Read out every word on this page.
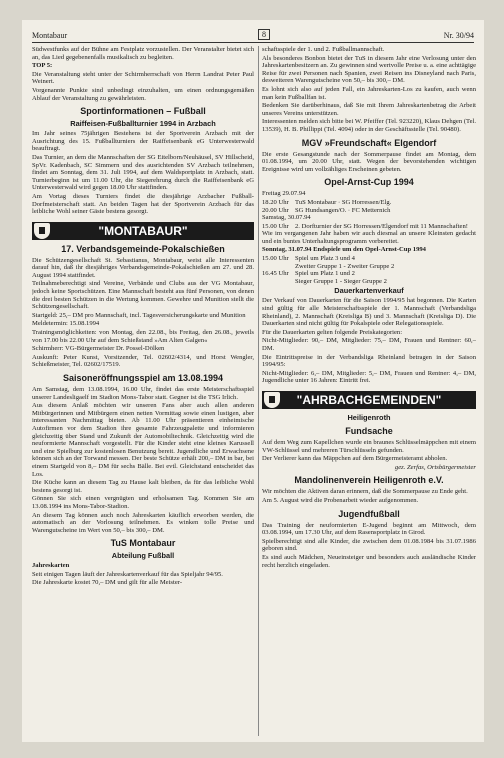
Montabaur	8	Nr. 30/94

Südwestfunks auf der Bühne am Festplatz vorzustellen. Der Veranstalter bietet sich an, das Lied gegebenenfalls musikalisch zu begleiten.

TOP 5:

Die Veranstaltung steht unter der Schirmherrschaft von Herrn Landrat Peter Paul Weinert.

Vorgenannte Punkte sind unbedingt einzuhalten, um einen ordnungsgemäßen Ablauf der Veranstaltung zu gewährleisten.

Sportinformationen – Fußball
Raiffeisen-Fußballturnier 1994 in Arzbach

Im Jahr seines 75jährigen Bestehens ist der Sportverein Arzbach mit der Ausrichtung des 15. Fußballturniers der Raiffeisenbank eG Unterwesterwald beauftragt.

Das Turnier, an dem die Mannschaften der SG Eitelborn/Neuhäusel, SV Hillscheid, SpVr. Kadenbach, SC Simmern und des ausrichtenden SV Arzbach teilnehmen, findet am Sonntag, dem 31. Juli 1994, auf dem Waldsportplatz in Arzbach, statt. Turnierbeginn ist um 11.00 Uhr, die Siegerehrung durch die Raiffeisenbank eG Unterwesterwald wird gegen 18.00 Uhr stattfinden.

Am Vortag dieses Turniers findet die diesjährige Arzbacher Fußball-Dorfmeisterschaft statt. An beiden Tagen hat der Sportverein Arzbach für das leibliche Wohl seiner Gäste bestens gesorgt.

"MONTABAUR"
17. Verbandsgemeinde-Pokalschießen

Die Schützengesellschaft St. Sebastianus, Montabaur, weist alle Interessenten darauf hin, daß ihr diesjähriges Verbandsgemeinde-Pokalschießen am 27. und 28. August 1994 stattfindet.

Teilnahmeberechtigt sind Vereine, Verbände und Clubs aus der VG Montabaur, jedoch keine Sportschützen. Eine Mannschaft besteht aus fünf Personen, von denen die drei besten Schützen in die Wertung kommen. Gewehre und Munition stellt die Schützengesellschaft.

Startgeld: 25,– DM pro Mannschaft, incl. Tagesversicherungskarte und Munition

Meldetermin: 15.08.1994

Trainingsmöglichkeiten: von Montag, den 22.08., bis Freitag, den 26.08., jeweils von 17.00 bis 22.00 Uhr auf dem Schießstand »Am Alten Galgen«

Schirmherr: VG-Bürgermeister Dr. Possel-Dölken

Auskunft: Peter Kunst, Vorsitzender, Tel. 02602/4314, und Horst Wengler, Schießmeister, Tel. 02602/17519.

Saisoneröffnungsspiel am 13.08.1994

Am Samstag, dem 13.08.1994, 16.00 Uhr, findet das erste Meisterschaftsspiel unserer Landesligaelf im Stadion Mons-Tabor statt. Gegner ist die TSG Irlich.

Aus diesem Anlaß möchten wir unseren Fans aber auch allen anderen Mitbürgerinnen und Mitbürgern einen netten Vormittag sowie einen lustigen, aber interessanten Nachmittag bieten. Ab 11.00 Uhr präsentieren einheimische Autofirmen vor dem Stadion ihre gesamte Fahrzeugpalette und informieren gleichzeitig über Stand und Zukunft der Automobiltechnik. Gleichzeitig wird die neuformierte Mannschaft vorgestellt. Für die Kinder steht eine kleines Karussell und eine Spielburg zur kostenlosen Benutzung bereit. Jugendliche und Erwachsene können sich an der Torwand messen. Der beste Schütze erhält 200,– DM in bar, bei einem Startgeld von 8,– DM für sechs Bälle. Bei evtl. Gleichstand entscheidet das Los.

Die Küche kann an diesem Tag zu Hause kalt bleiben, da für das leibliche Wohl bestens gesorgt ist.

Gönnen Sie sich einen vergnügten und erholsamen Tag. Kommen Sie am 13.08.1994 ins Mons-Tabor-Stadion.

An diesem Tag können auch noch Jahreskarten käuflich erworben werden, die automatisch an der Vorlosung teilnehmen. Es winken tolle Preise und Warengutscheine im Wert von 50,– bis 300,– DM.

TuS Montabaur
Abteilung Fußball

Jahreskarten

Seit einigen Tagen läuft der Jahreskartenverkauf für das Spieljahr 94/95.

Die Jahreskarte kostet 70,– DM und gilt für alle Meister-

schaftsspiele der 1. und 2. Fußballmannschaft.

Als besonderes Bonbon bietet der TuS in diesem Jahr eine Verlosung unter den Jahreskartenbesitzern an. Zu gewinnen sind wertvolle Preise u. a. eine achttägige Reise für zwei Personen nach Spanien, zwei Reisen ins Disneyland nach Paris, desweiteren Warengutscheine von 50,– bis 300,– DM.

Es lohnt sich also auf jeden Fall, ein Jahreskarten-Los zu kaufen, auch wenn man kein Fußballfan ist.

Bedenken Sie darüberhinaus, daß Sie mit Ihrem Jahreskartenbetrag die Arbeit unseres Vereins unterstützen.

Interessenten melden sich bitte bei W. Pfeiffer (Tel. 923220), Klaus Dehgen (Tel. 13539), H. B. Phillippi (Tel. 4094) oder in der Geschäftsstelle (Tel. 90480).

MGV »Freundschaft« Elgendorf

Die erste Gesangstunde nach der Sommerpause findet am Montag, dem 01.08.1994, um 20.00 Uhr, statt. Wegen der bevorstehenden wichtigen Ereignisse wird um vollzähliges Erscheinen gebeten.

Opel-Arnst-Cup 1994

Freitag 29.07.94

18.20 Uhr TuS Montabaur · SG Horressen/Elg.
20.00 Uhr SG Hundsangen/O. · FC Metternich

Samstag, 30.07.94

15.00 Uhr 2. Dorfturnier der SG Horressen/Elgendorf mit 11 Mannschaften!

Wie im vergangenen Jahr haben wir auch diesmal an unsere Kleinsten gedacht und ein buntes Unterhaltungsprogramm vorbereitet.

Sonntag, 31.07.94 Endspiele um den Opel-Arnst-Cup 1994

15.00 Uhr Spiel um Platz 3 und 4
Zweiter Gruppe 1 - Zweiter Gruppe 2
16.45 Uhr Spiel um Platz 1 und 2
Sieger Gruppe 1 - Sieger Gruppe 2
Dauerkartenverkauf

Der Verkauf von Dauerkarten für die Saison 1994/95 hat begonnen. Die Karten sind gültig für alle Meisterschaftsspiele der 1. Mannschaft (Verbandsliga Rheinland), 2. Mannschaft (Kreisliga B) und 3. Mannschaft (Kreisliga D). Die Dauerkarten sind nicht gültig für Pokalspiele oder Relegationsspiele.

Für die Dauerkarten gelten folgende Preiskategorien:

Nicht-Mitglieder: 90,– DM, Mitglieder: 75,– DM, Frauen und Rentner: 60,– DM.

Die Eintrittspreise in der Verbandsliga Rheinland betragen in der Saison 1994/95:

Nicht-Mitglieder: 6,– DM, Mitglieder: 5,– DM, Frauen und Rentner: 4,– DM, Jugendliche unter 16 Jahren: Eintritt frei.

"AHRBACHGEMEINDEN"
Heiligenroth
Fundsache

Auf dem Weg zum Kapellchen wurde ein braunes Schlüsselmäppchen mit einem VW-Schlüssel und mehreren Türschlüsseln gefunden.

Der Verlierer kann das Mäppchen auf dem Bürgermeisteramt abholen.

gez. Zerfas, Ortsbürgermeister

Mandolinenverein Heiligenroth e.V.

Wir möchten die Aktiven daran erinnern, daß die Sommerpause zu Ende geht.

Am 5. August wird die Probenarbeit wieder aufgenommen.

Jugendfußball

Das Training der neuformierten E-Jugend beginnt am Mittwoch, dem 03.08.1994, um 17.30 Uhr, auf dem Rasensportplatz in Girod.

Spielberechtigt sind alle Kinder, die zwischen dem 01.08.1984 bis 31.07.1986 geboren sind.

Es sind auch Mädchen, Neueinsteiger und besonders auch ausländische Kinder recht herzlich eingeladen.
